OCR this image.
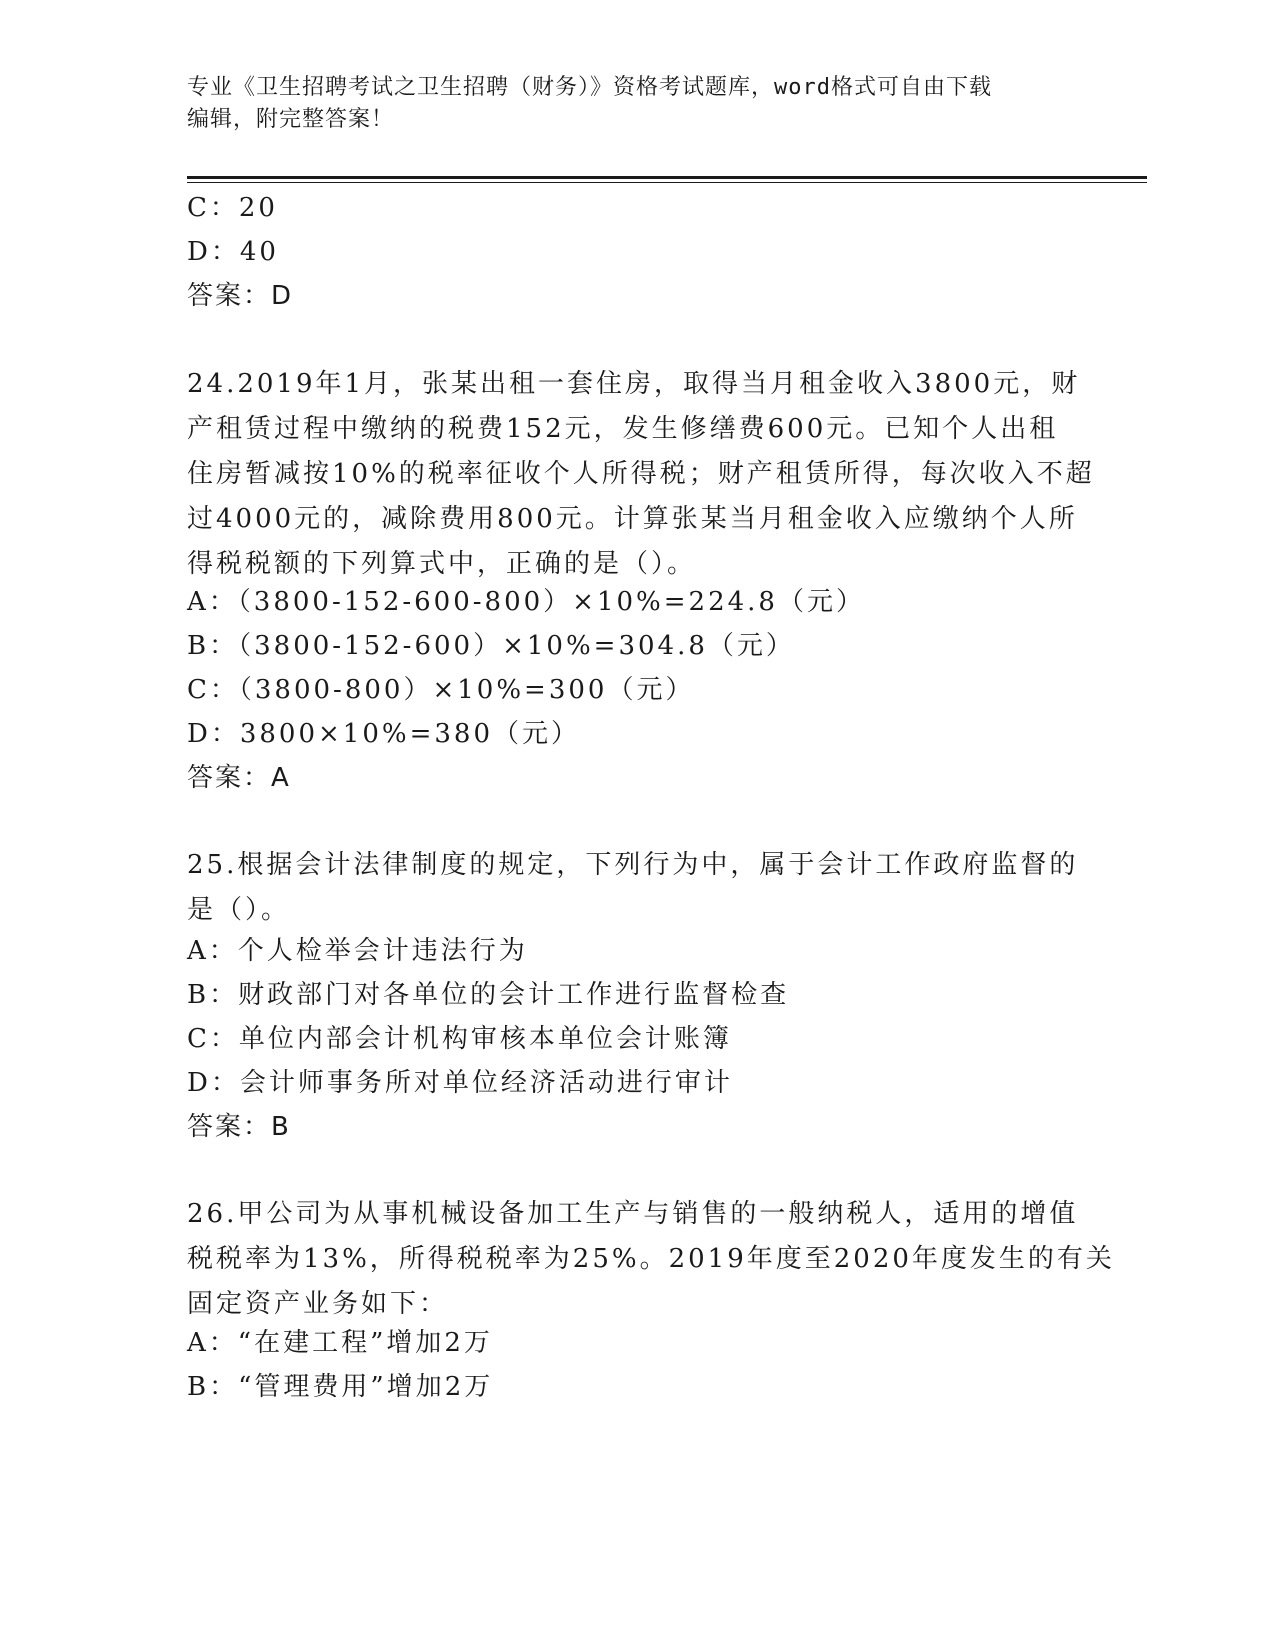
专业《卫生招聘考试之卫生招聘（财务）》资格考试题库，word格式可自由下载
编辑，附完整答案！
C：20
D：40
答案：D

24.2019年1月，张某出租一套住房，取得当月租金收入3800元，财

产租赁过程中缴纳的税费152元，发生修缮费600元。已知个人出租

住房暂减按10%的税率征收个人所得税；财产租赁所得，每次收入不超

过4000元的，减除费用800元。计算张某当月租金收入应缴纳个人所

得税税额的下列算式中，正确的是（）。

A：（3800-152-600-800）×10%=224.8（元）
B：（3800-152-600）×10%=304.8（元）
C：（3800-800）×10%=300（元）
D：3800×10%=380（元）
答案：A

25.根据会计法律制度的规定，下列行为中，属于会计工作政府监督的

是（）。

A：个人检举会计违法行为
B：财政部门对各单位的会计工作进行监督检查
C：单位内部会计机构审核本单位会计账簿
D：会计师事务所对单位经济活动进行审计
答案：B

26.甲公司为从事机械设备加工生产与销售的一般纳税人，适用的增值

税税率为13%，所得税税率为25%。2019年度至2020年度发生的有关

固定资产业务如下：

A：“在建工程”增加2万
B：“管理费用”增加2万
